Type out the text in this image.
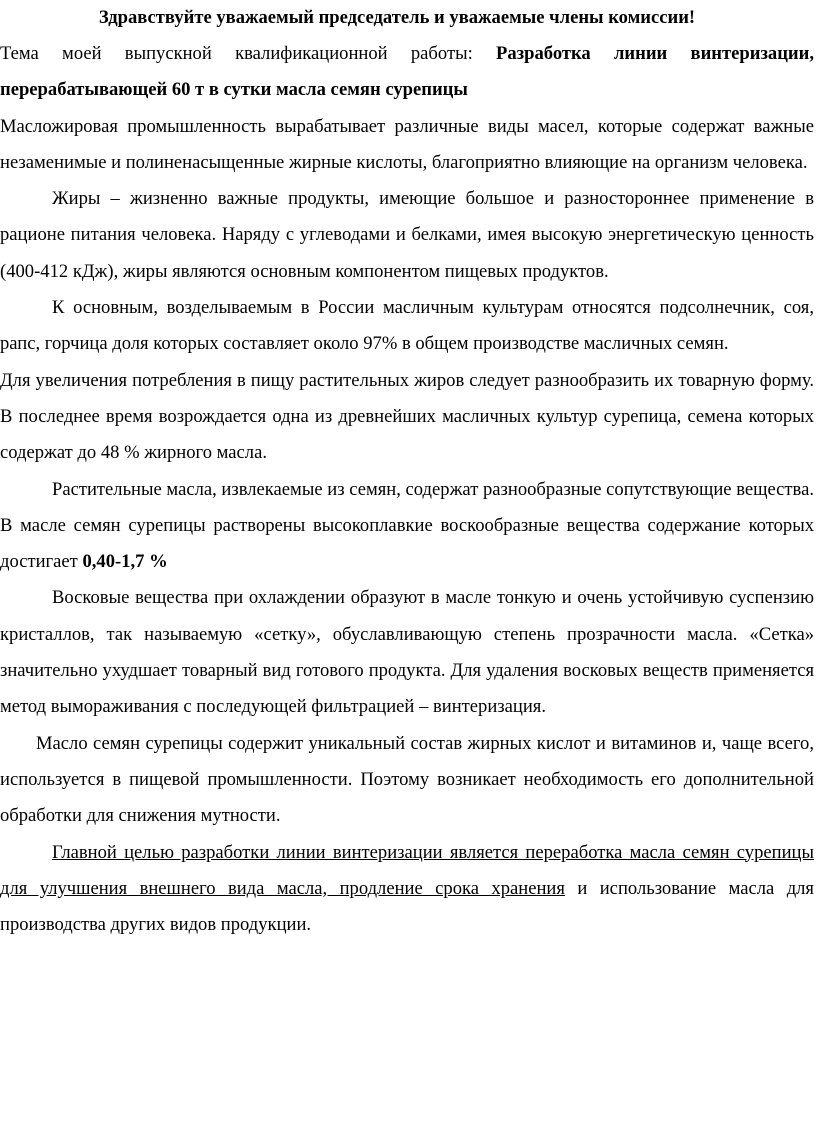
Здравствуйте уважаемый председатель и уважаемые члены комиссии!

Тема моей выпускной квалификационной работы: Разработка линии винтеризации, перерабатывающей 60 т в сутки масла семян сурепицы

Масложировая промышленность вырабатывает различные виды масел, которые содержат важные незаменимые и полиненасыщенные жирные кислоты, благоприятно влияющие на организм человека.

Жиры – жизненно важные продукты, имеющие большое и разностороннее применение в рационе питания человека. Наряду с углеводами и белками, имея высокую энергетическую ценность (400-412 кДж), жиры являются основным компонентом пищевых продуктов.

К основным, возделываемым в России масличным культурам относятся подсолнечник, соя, рапс, горчица доля которых составляет около 97% в общем производстве масличных семян.

Для увеличения потребления в пищу растительных жиров следует разнообразить их товарную форму. В последнее время возрождается одна из древнейших масличных культур сурепица, семена которых содержат до 48 % жирного масла.

Растительные масла, извлекаемые из семян, содержат разнообразные сопутствующие вещества. В масле семян сурепицы растворены высокоплавкие воскообразные вещества содержание которых достигает 0,40-1,7 %

Восковые вещества при охлаждении образуют в масле тонкую и очень устойчивую суспензию кристаллов, так называемую «сетку», обуславливающую степень прозрачности масла. «Сетка» значительно ухудшает товарный вид готового продукта. Для удаления восковых веществ применяется метод вымораживания с последующей фильтрацией – винтеризация.

Масло семян сурепицы содержит уникальный состав жирных кислот и витаминов и, чаще всего, используется в пищевой промышленности. Поэтому возникает необходимость его дополнительной обработки для снижения мутности.

Главной целью разработки линии винтеризации является переработка масла семян сурепицы для улучшения внешнего вида масла, продление срока хранения и использование масла для производства других видов продукции.
